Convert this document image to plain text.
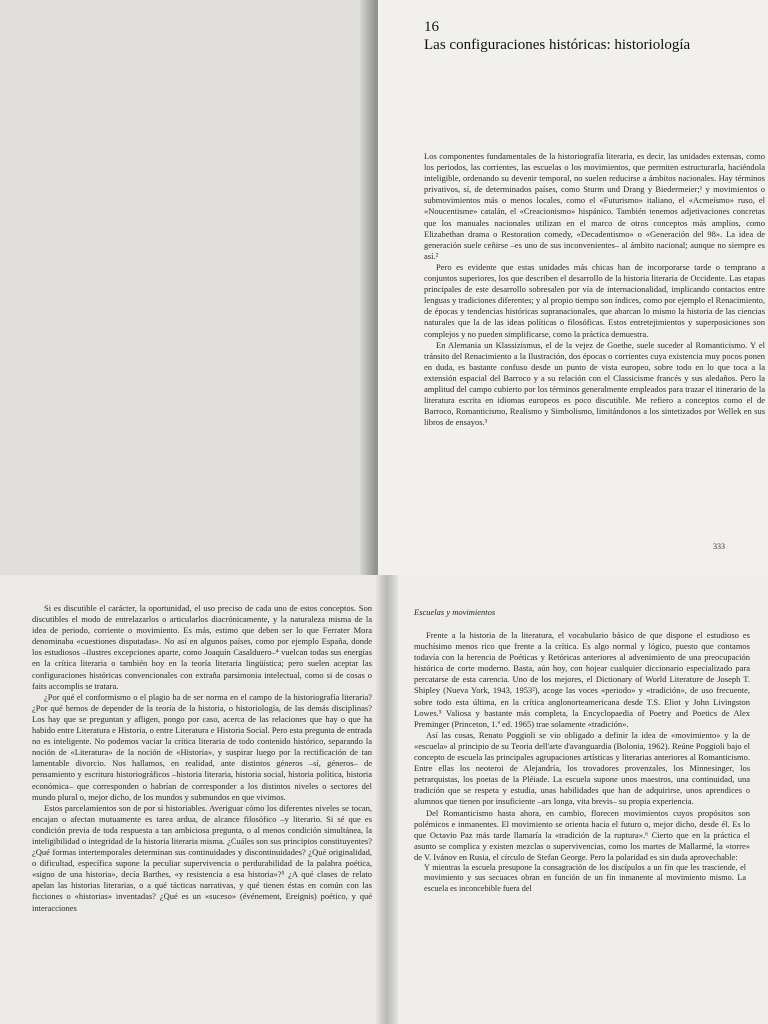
16
Las configuraciones históricas: historiología

Los componentes fundamentales de la historiografía literaria, es decir, las unidades extensas, como los periodos, las corrientes, las escuelas o los movimientos, que permiten estructurarla, haciéndola inteligible, ordenando su devenir temporal, no suelen reducirse a ámbitos nacionales. Hay términos privativos, sí, de determinados países, como Sturm und Drang y Biedermeier;¹ y movimientos o submovimientos más o menos locales, como el «Futurismo» italiano, el «Acmeísmo» ruso, el «Noucentisme» catalán, el «Creacionismo» hispánico. También tenemos adjetivaciones concretas que los manuales nacionales utilizan en el marco de otros conceptos más amplios, como Elizabethan drama o Restoration comedy, «Decadentismo» o «Generación del 98». La idea de generación suele ceñirse –es uno de sus inconvenientes– al ámbito nacional; aunque no siempre es así.²

Pero es evidente que estas unidades más chicas han de incorporarse tarde o temprano a conjuntos superiores, los que describen el desarrollo de la historia literaria de Occidente. Las etapas principales de este desarrollo sobresalen por vía de internacionalidad, implicando contactos entre lenguas y tradiciones diferentes; y al propio tiempo son índices, como por ejemplo el Renacimiento, de épocas y tendencias históricas supranacionales, que abarcan lo mismo la historia de las ciencias naturales que la de las ideas políticas o filosóficas. Estos entretejimientos y superposiciones son complejos y no pueden simplificarse, como la práctica demuestra.

En Alemania un Klassizismus, el de la vejez de Goethe, suele suceder al Romanticismo. Y el tránsito del Renacimiento a la Ilustración, dos épocas o corrientes cuya existencia muy pocos ponen en duda, es bastante confuso desde un punto de vista europeo, sobre todo en lo que toca a la extensión espacial del Barroco y a su relación con el Classicisme francés y sus aledaños. Pero la amplitud del campo cubierto por los términos generalmente empleados para trazar el itinerario de la literatura escrita en idiomas europeos es poco discutible. Me refiero a conceptos como el de Barroco, Romanticismo, Realismo y Simbolismo, limitándonos a los sintetizados por Wellek en sus libros de ensayos.³

333

Si es discutible el carácter, la oportunidad, el uso preciso de cada uno de estos conceptos. Son discutibles el modo de entrelazarlos o articularlos diacrónicamente, y la naturaleza misma de la idea de periodo, corriente o movimiento. Es más, estimo que deben ser lo que Ferrater Mora denominaba «cuestiones disputadas». No así en algunos países, como por ejemplo España, donde los estudiosos –ilustres excepciones aparte, como Joaquín Casalduero–⁴ vuelcan todas sus energías en la crítica literaria o también hoy en la teoría literaria lingüística; pero suelen aceptar las configuraciones históricas convencionales con extraña parsimonia intelectual, como si de cosas o faits accomplis se tratara.

¿Por qué el conformismo o el plagio ha de ser norma en el campo de la historiografía literaria? ¿Por qué hemos de depender de la teoría de la historia, o historiología, de las demás disciplinas? Los hay que se preguntan y afligen, pongo por caso, acerca de las relaciones que hay o que ha habido entre Literatura e Historia, o entre Literatura e Historia Social. Pero esta pregunta de entrada no es inteligente. No podemos vaciar la crítica literaria de todo contenido histórico, separando la noción de «Literatura» de la noción de «Historia», y suspirar luego por la rectificación de tan lamentable divorcio. Nos hallamos, en realidad, ante distintos géneros –sí, géneros– de pensamiento y escritura historiográficos –historia literaria, historia social, historia política, historia económica– que corresponden o habrían de corresponder a los distintos niveles o sectores del mundo plural o, mejor dicho, de los mundos y submundos en que vivimos.

Estos parcelamientos son de por sí historiables. Averiguar cómo los diferentes niveles se tocan, encajan o afectan mutuamente es tarea ardua, de alcance filosófico –y literario. Si sé que es condición previa de toda respuesta a tan ambiciosa pregunta, o al menos condición simultánea, la inteligibilidad o integridad de la historia literaria misma. ¿Cuáles son sus principios constituyentes? ¿Qué formas intertemporales determinan sus continuidades y discontinuidades? ¿Qué originalidad, o dificultad, específica supone la peculiar supervivencia o perdurabilidad de la palabra poética, «signo de una historia», decía Barthes, «y resistencia a esa historia»?⁵ ¿A qué clases de relato apelan las historias literarias, o a qué tácticas narrativas, y qué tienen éstas en común con las ficciones o «historias» inventadas? ¿Qué es un «suceso» (événement, Ereignis) poético, y qué interacciones

Escuelas y movimientos

Frente a la historia de la literatura, el vocabulario básico de que dispone el estudioso es muchísimo menos rico que frente a la crítica. Es algo normal y lógico, puesto que contamos todavía con la herencia de Poéticas y Retóricas anteriores al advenimiento de una preocupación histórica de corte moderno. Basta, aún hoy, con hojear cualquier diccionario especializado para percatarse de esta carencia. Uno de los mejores, el Dictionary of World Literature de Joseph T. Shipley (Nueva York, 1943, 1953²), acoge las voces «periodo» y «tradición», de uso frecuente, sobre todo esta última, en la crítica anglonorteamericana desde T.S. Eliot y John Livingston Lowes.⁵ Valiosa y bastante más completa, la Encyclopaedia of Poetry and Poetics de Alex Preminger (Princeton, 1.ª ed. 1965) trae solamente «tradición».

Así las cosas, Renato Poggioli se vio obligado a definir la idea de «movimiento» y la de «escuela» al principio de su Teoria dell'arte d'avanguardia (Bolonia, 1962). Reúne Poggioli bajo el concepto de escuela las principales agrupaciones artísticas y literarias anteriores al Romanticismo. Entre ellas los neoteroi de Alejandría, los trovadores provenzales, los Minnesinger, los petrarquistas, los poetas de la Pléiade. La escuela supone unos maestros, una continuidad, una tradición que se respeta y estudia, unas habilidades que han de adquirirse, unos aprendices o alumnos que tienen por insuficiente –ars longa, vita brevis– su propia experiencia.

Del Romanticismo hasta ahora, en cambio, florecen movimientos cuyos propósitos son polémicos e inmanentes. El movimiento se orienta hacia el futuro o, mejor dicho, desde él. Es lo que Octavio Paz más tarde llamaría la «tradición de la ruptura».⁶ Cierto que en la práctica el asunto se complica y existen mezclas o supervivencias, como los martes de Mallarmé, la «torre» de V. Ivánov en Rusia, el círculo de Stefan George. Pero la polaridad es sin duda aprovechable:

Y mientras la escuela presupone la consagración de los discípulos a un fin que les trasciende, el movimiento y sus secuaces obran en función de un fin inmanente al movimiento mismo. La escuela es inconcebible fuera del
